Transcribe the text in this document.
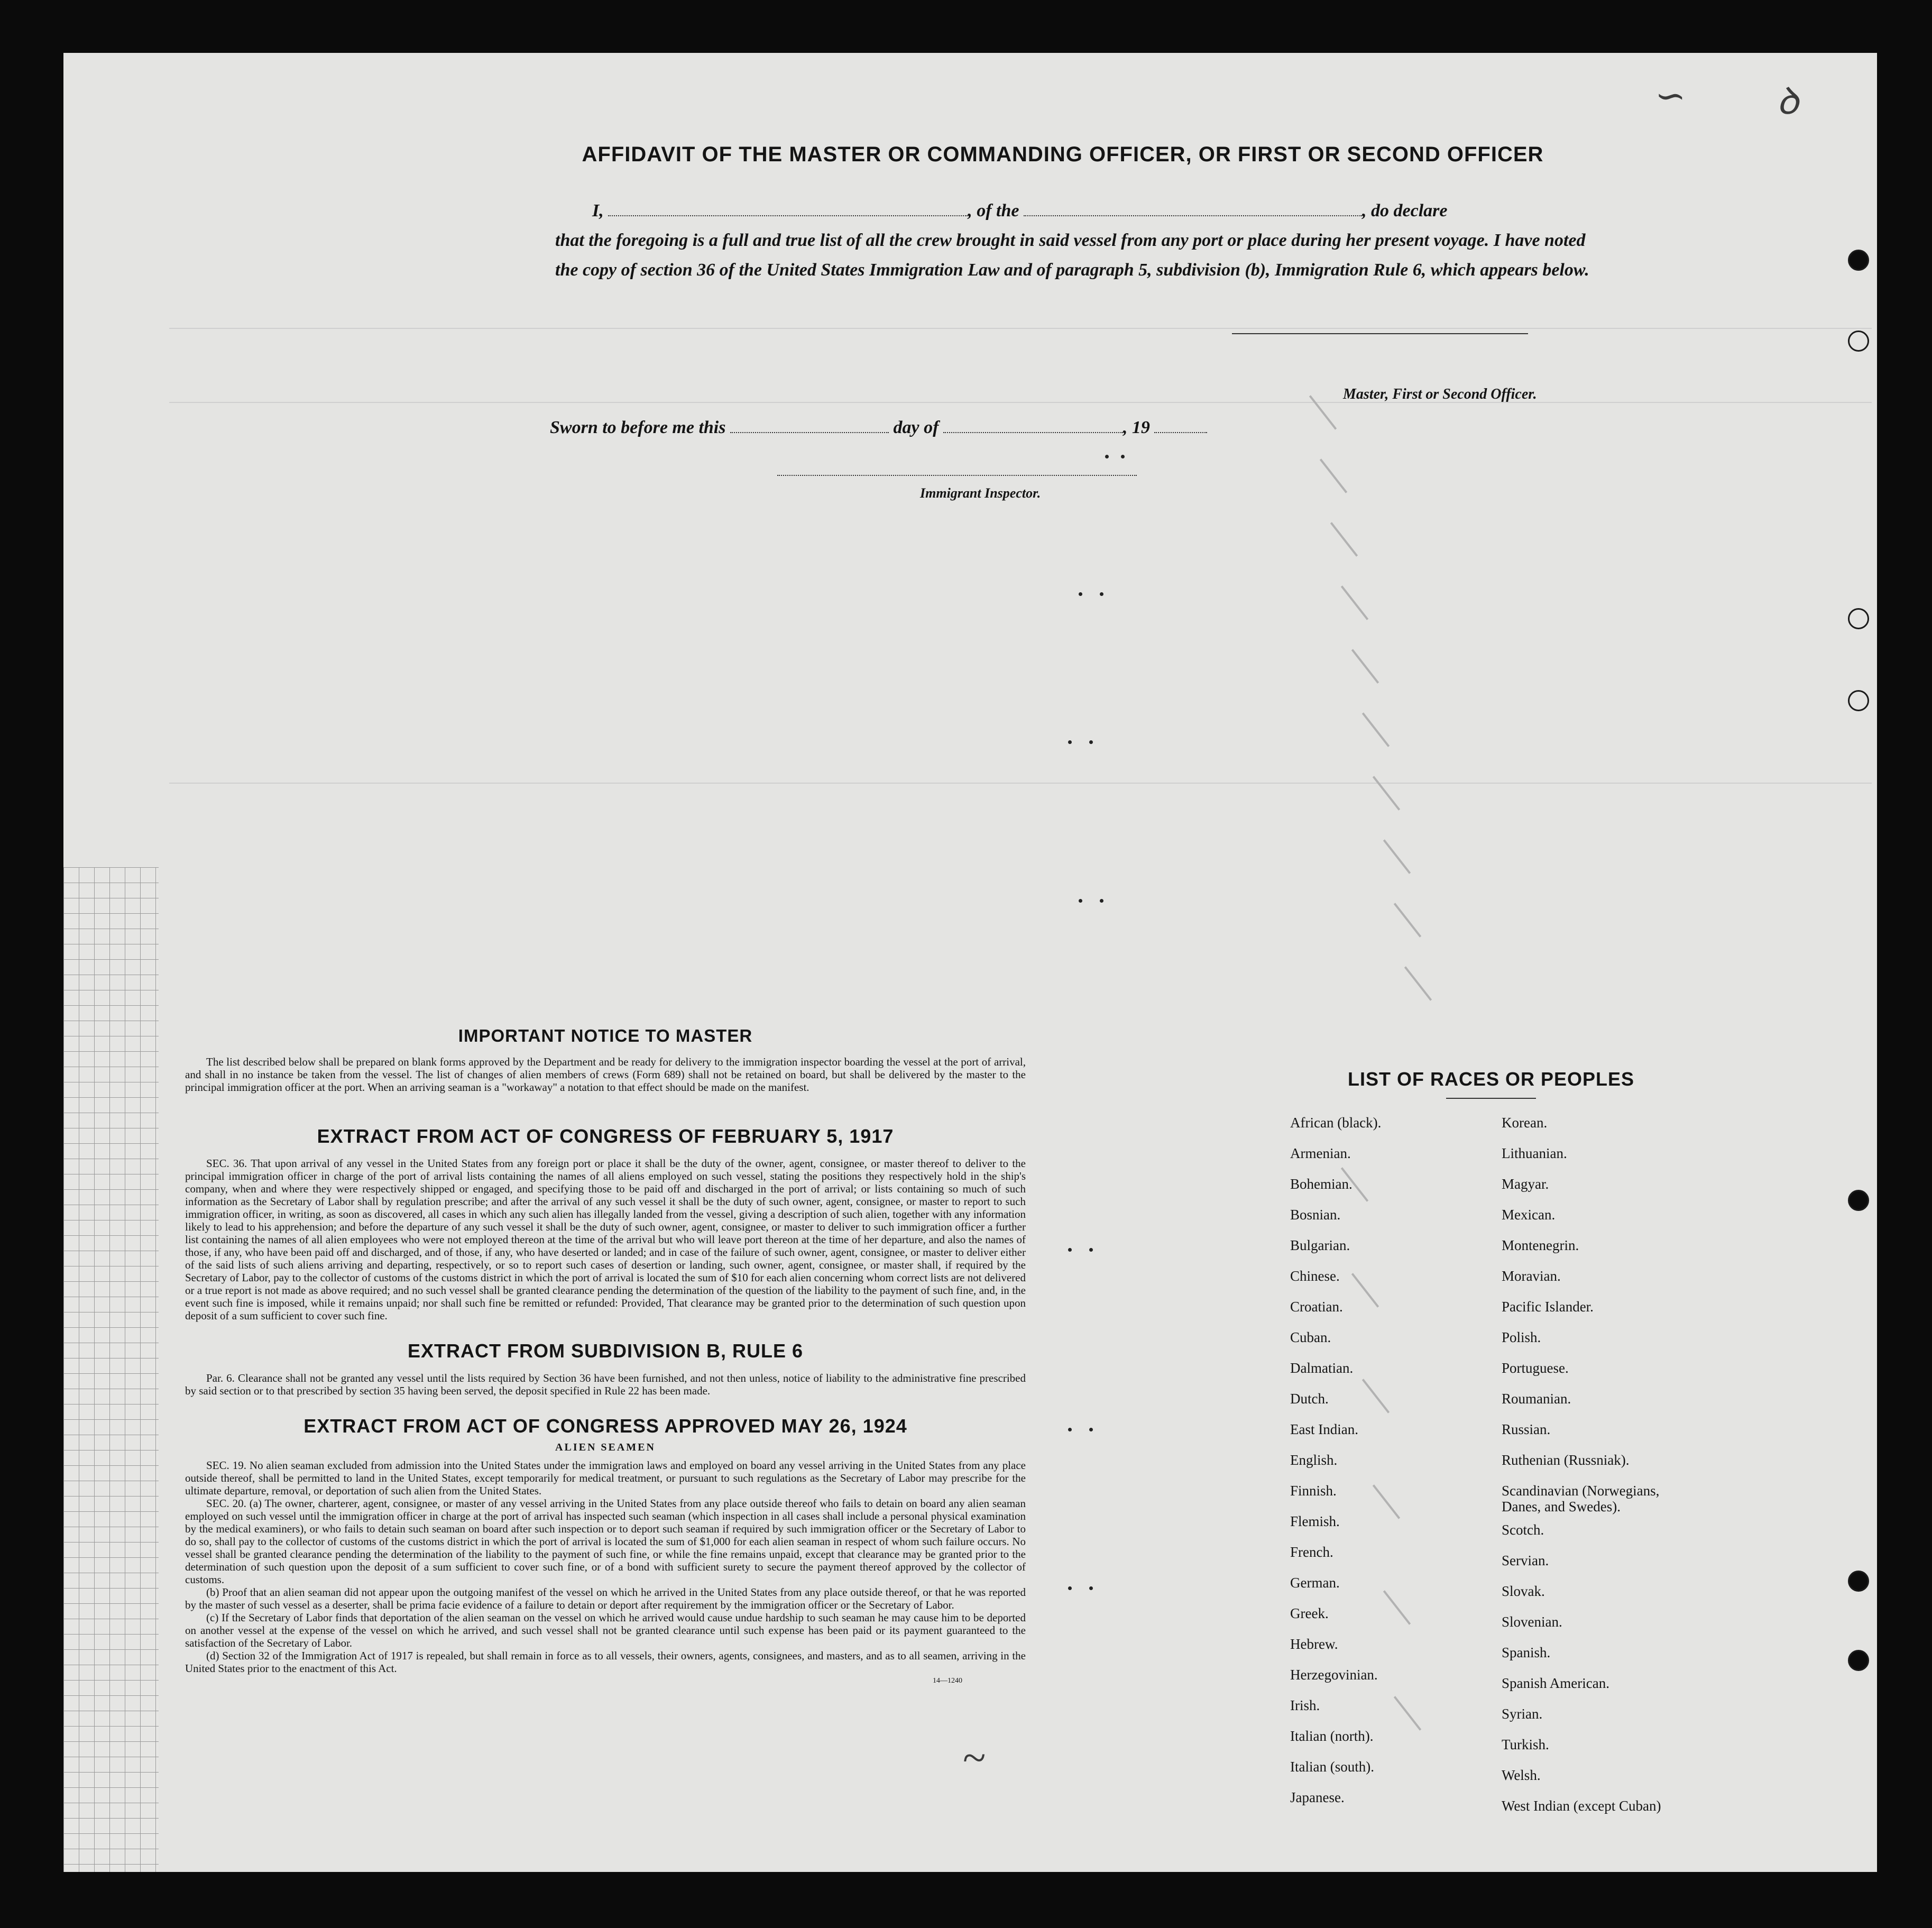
AFFIDAVIT OF THE MASTER OR COMMANDING OFFICER, OR FIRST OR SECOND OFFICER

I,	, of the	, do declare

that the foregoing is a full and true list of all the crew brought in said vessel from any port or place during her present voyage. I have noted the copy of section 36 of the United States Immigration Law and of paragraph 5, subdivision (b), Immigration Rule 6, which appears below.

Master, First or Second Officer.
Sworn to before me this	day of	, 19
Immigrant Inspector.
IMPORTANT NOTICE TO MASTER

The list described below shall be prepared on blank forms approved by the Department and be ready for delivery to the immigration inspector boarding the vessel at the port of arrival, and shall in no instance be taken from the vessel. The list of changes of alien members of crews (Form 689) shall not be retained on board, but shall be delivered by the master to the principal immigration officer at the port. When an arriving seaman is a "workaway" a notation to that effect should be made on the manifest.

EXTRACT FROM ACT OF CONGRESS OF FEBRUARY 5, 1917

SEC. 36. That upon arrival of any vessel in the United States from any foreign port or place it shall be the duty of the owner, agent, consignee, or master thereof to deliver to the principal immigration officer in charge of the port of arrival lists containing the names of all aliens employed on such vessel, stating the positions they respectively hold in the ship's company, when and where they were respectively shipped or engaged, and specifying those to be paid off and discharged in the port of arrival; or lists containing so much of such information as the Secretary of Labor shall by regulation prescribe; and after the arrival of any such vessel it shall be the duty of such owner, agent, consignee, or master to report to such immigration officer, in writing, as soon as discovered, all cases in which any such alien has illegally landed from the vessel, giving a description of such alien, together with any information likely to lead to his apprehension; and before the departure of any such vessel it shall be the duty of such owner, agent, consignee, or master to deliver to such immigration officer a further list containing the names of all alien employees who were not employed thereon at the time of the arrival but who will leave port thereon at the time of her departure, and also the names of those, if any, who have been paid off and discharged, and of those, if any, who have deserted or landed; and in case of the failure of such owner, agent, consignee, or master to deliver either of the said lists of such aliens arriving and departing, respectively, or so to report such cases of desertion or landing, such owner, agent, consignee, or master shall, if required by the Secretary of Labor, pay to the collector of customs of the customs district in which the port of arrival is located the sum of $10 for each alien concerning whom correct lists are not delivered or a true report is not made as above required; and no such vessel shall be granted clearance pending the determination of the question of the liability to the payment of such fine, and, in the event such fine is imposed, while it remains unpaid; nor shall such fine be remitted or refunded: Provided, That clearance may be granted prior to the determination of such question upon deposit of a sum sufficient to cover such fine.

EXTRACT FROM SUBDIVISION B, RULE 6

Par. 6. Clearance shall not be granted any vessel until the lists required by Section 36 have been furnished, and not then unless, notice of liability to the administrative fine prescribed by said section or to that prescribed by section 35 having been served, the deposit specified in Rule 22 has been made.

EXTRACT FROM ACT OF CONGRESS APPROVED MAY 26, 1924
ALIEN SEAMEN

SEC. 19. No alien seaman excluded from admission into the United States under the immigration laws and employed on board any vessel arriving in the United States from any place outside thereof, shall be permitted to land in the United States, except temporarily for medical treatment, or pursuant to such regulations as the Secretary of Labor may prescribe for the ultimate departure, removal, or deportation of such alien from the United States.

SEC. 20. (a) The owner, charterer, agent, consignee, or master of any vessel arriving in the United States from any place outside thereof who fails to detain on board any alien seaman employed on such vessel until the immigration officer in charge at the port of arrival has inspected such seaman (which inspection in all cases shall include a personal physical examination by the medical examiners), or who fails to detain such seaman on board after such inspection or to deport such seaman if required by such immigration officer or the Secretary of Labor to do so, shall pay to the collector of customs of the customs district in which the port of arrival is located the sum of $1,000 for each alien seaman in respect of whom such failure occurs. No vessel shall be granted clearance pending the determination of the liability to the payment of such fine, or while the fine remains unpaid, except that clearance may be granted prior to the determination of such question upon the deposit of a sum sufficient to cover such fine, or of a bond with sufficient surety to secure the payment thereof approved by the collector of customs.

(b) Proof that an alien seaman did not appear upon the outgoing manifest of the vessel on which he arrived in the United States from any place outside thereof, or that he was reported by the master of such vessel as a deserter, shall be prima facie evidence of a failure to detain or deport after requirement by the immigration officer or the Secretary of Labor.

(c) If the Secretary of Labor finds that deportation of the alien seaman on the vessel on which he arrived would cause undue hardship to such seaman he may cause him to be deported on another vessel at the expense of the vessel on which he arrived, and such vessel shall not be granted clearance until such expense has been paid or its payment guaranteed to the satisfaction of the Secretary of Labor.

(d) Section 32 of the Immigration Act of 1917 is repealed, but shall remain in force as to all vessels, their owners, agents, consignees, and masters, and as to all seamen, arriving in the United States prior to the enactment of this Act.

14—1240
LIST OF RACES OR PEOPLES
African (black).
Armenian.
Bohemian.
Bosnian.
Bulgarian.
Chinese.
Croatian.
Cuban.
Dalmatian.
Dutch.
East Indian.
English.
Finnish.
Flemish.
French.
German.
Greek.
Hebrew.
Herzegovinian.
Irish.
Italian (north).
Italian (south).
Japanese.
Korean.
Lithuanian.
Magyar.
Mexican.
Montenegrin.
Moravian.
Pacific Islander.
Polish.
Portuguese.
Roumanian.
Russian.
Ruthenian (Russniak).
Scandinavian (Norwegians, Danes, and Swedes).
Scotch.
Servian.
Slovak.
Slovenian.
Spanish.
Spanish American.
Syrian.
Turkish.
Welsh.
West Indian (except Cuban)
∽ ꝺ
~
